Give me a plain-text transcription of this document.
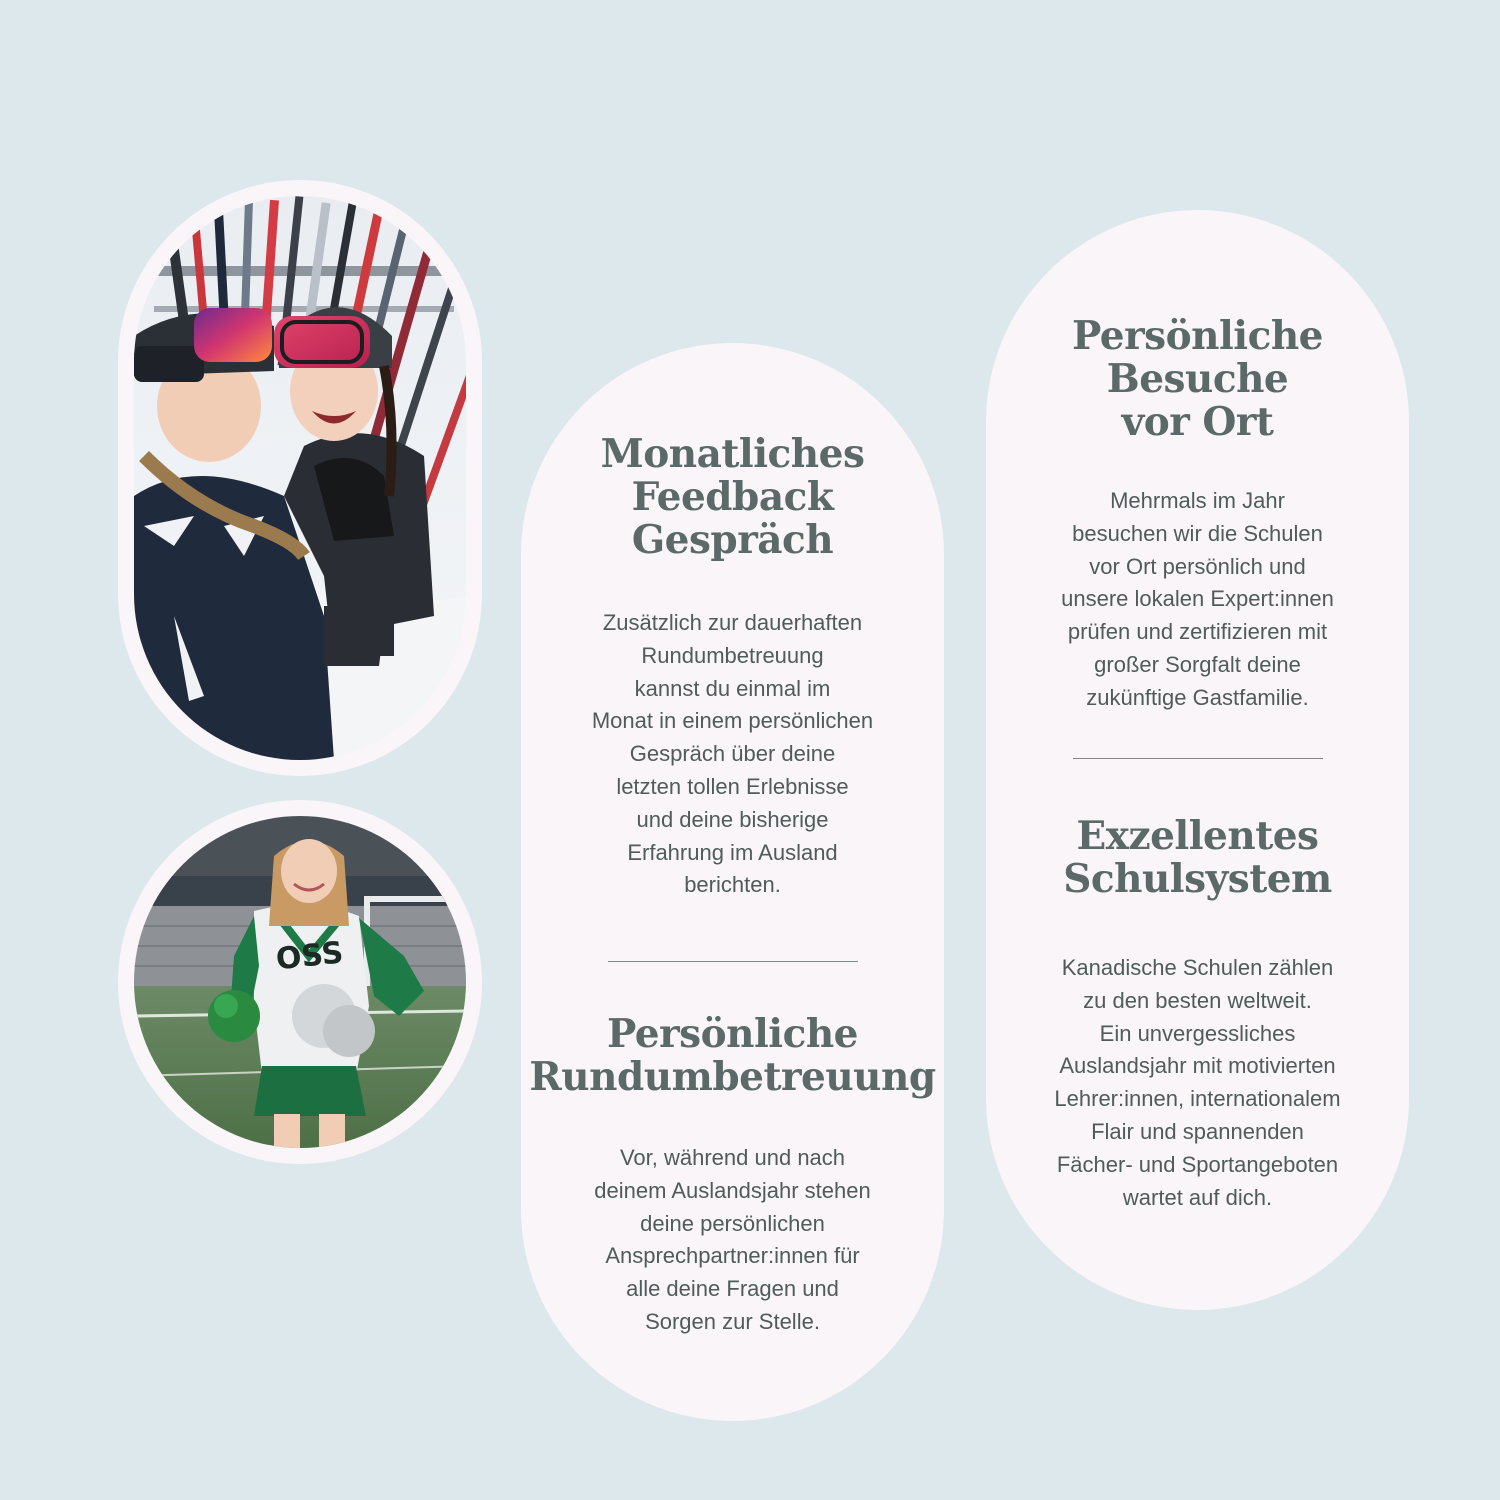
OSS
Monatliches
Feedback
Gespräch

Zusätzlich zur dauerhaften
Rundumbetreuung
kannst du einmal im
Monat in einem persönlichen
Gespräch über deine
letzten tollen Erlebnisse
und deine bisherige
Erfahrung im Ausland
berichten.

Persönliche
Rundumbetreuung

Vor, während und nach
deinem Auslandsjahr stehen
deine persönlichen
Ansprechpartner:innen für
alle deine Fragen und
Sorgen zur Stelle.

Persönliche
Besuche
vor Ort

Mehrmals im Jahr
besuchen wir die Schulen
vor Ort persönlich und
unsere lokalen Expert:innen
prüfen und zertifizieren mit
großer Sorgfalt deine
zukünftige Gastfamilie.

Exzellentes
Schulsystem

Kanadische Schulen zählen
zu den besten weltweit.
Ein unvergessliches
Auslandsjahr mit motivierten
Lehrer:innen, internationalem
Flair und spannenden
Fächer- und Sportangeboten
wartet auf dich.
